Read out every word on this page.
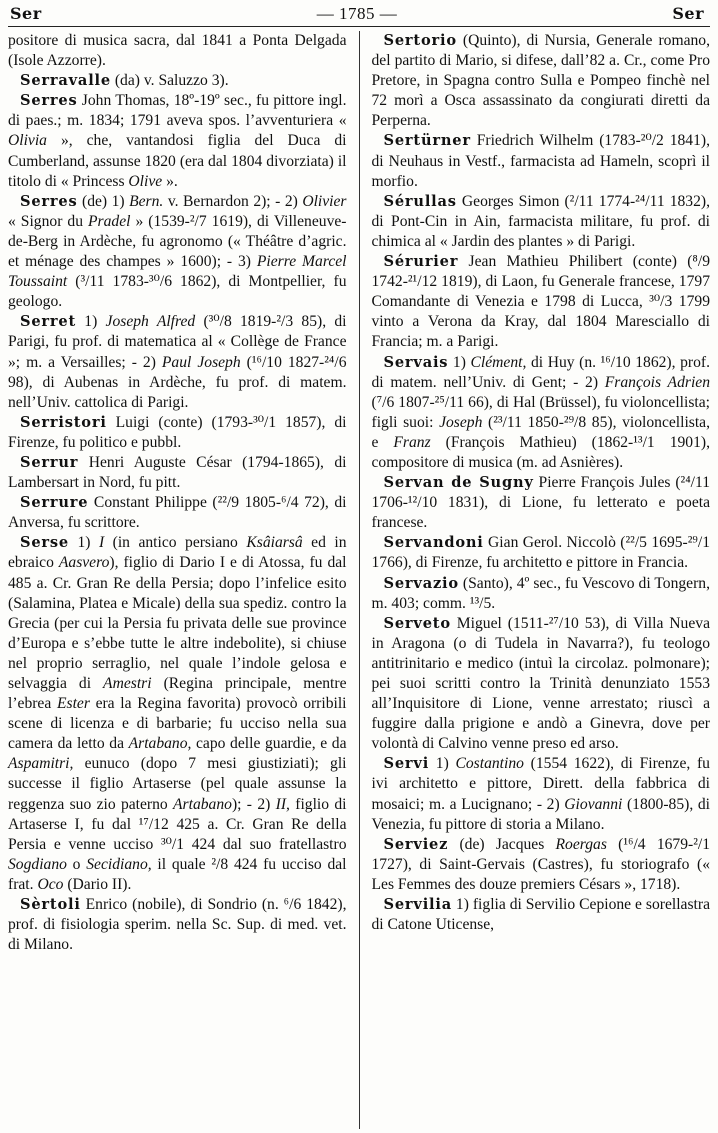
Ser	— 1785 —	Ser

positore di musica sacra, dal 1841 a Ponta Delgada (Isole Azzorre).

Serravalle (da) v. Saluzzo 3).

Serres John Thomas, 18º-19º sec., fu pittore ingl. di paes.; m. 1834; 1791 aveva spos. l’avventuriera « Olivia », che, vantandosi figlia del Duca di Cumberland, assunse 1820 (era dal 1804 divorziata) il titolo di « Princess Olive ».

Serres (de) 1) Bern. v. Bernardon 2); - 2) Olivier « Signor du Pradel » (1539-²/7 1619), di Villeneuve-de-Berg in Ardèche, fu agronomo (« Théâtre d’agric. et ménage des champes » 1600); - 3) Pierre Marcel Toussaint (³/11 1783-³⁰/6 1862), di Montpellier, fu geologo.

Serret 1) Joseph Alfred (³⁰/8 1819-²/3 85), di Parigi, fu prof. di matematica al « Collège de France »; m. a Versailles; - 2) Paul Joseph (¹⁶/10 1827-²⁴/6 98), di Aubenas in Ardèche, fu prof. di matem. nell’Univ. cattolica di Parigi.

Serristori Luigi (conte) (1793-³⁰/1 1857), di Firenze, fu politico e pubbl.

Serrur Henri Auguste César (1794-1865), di Lambersart in Nord, fu pitt.

Serrure Constant Philippe (²²/9 1805-⁶/4 72), di Anversa, fu scrittore.

Serse 1) I (in antico persiano Ksâiarsâ ed in ebraico Aasvero), figlio di Dario I e di Atossa, fu dal 485 a. Cr. Gran Re della Persia; dopo l’infelice esito (Salamina, Platea e Micale) della sua spediz. contro la Grecia (per cui la Persia fu privata delle sue province d’Europa e s’ebbe tutte le altre indebolite), si chiuse nel proprio serraglio, nel quale l’indole gelosa e selvaggia di Amestri (Regina principale, mentre l’ebrea Ester era la Regina favorita) provocò orribili scene di licenza e di barbarie; fu ucciso nella sua camera da letto da Artabano, capo delle guardie, e da Aspamitri, eunuco (dopo 7 mesi giustiziati); gli successe il figlio Artaserse (pel quale assunse la reggenza suo zio paterno Artabano); - 2) II, figlio di Artaserse I, fu dal ¹⁷/12 425 a. Cr. Gran Re della Persia e venne ucciso ³⁰/1 424 dal suo fratellastro Sogdiano o Secidiano, il quale ²/8 424 fu ucciso dal frat. Oco (Dario II).

Sèrtoli Enrico (nobile), di Sondrio (n. ⁶/6 1842), prof. di fisiologia sperim. nella Sc. Sup. di med. vet. di Milano.

Sertorio (Quinto), di Nursia, Generale romano, del partito di Mario, si difese, dall’82 a. Cr., come Pro Pretore, in Spagna contro Sulla e Pompeo finchè nel 72 morì a Osca assassinato da congiurati diretti da Perperna.

Sertürner Friedrich Wilhelm (1783-²⁰/2 1841), di Neuhaus in Vestf., farmacista ad Hameln, scoprì il morfio.

Sérullas Georges Simon (²/11 1774-²⁴/11 1832), di Pont-Cin in Ain, farmacista militare, fu prof. di chimica al « Jardin des plantes » di Parigi.

Sérurier Jean Mathieu Philibert (conte) (⁸/9 1742-²¹/12 1819), di Laon, fu Generale francese, 1797 Comandante di Venezia e 1798 di Lucca, ³⁰/3 1799 vinto a Verona da Kray, dal 1804 Maresciallo di Francia; m. a Parigi.

Servais 1) Clément, di Huy (n. ¹⁶/10 1862), prof. di matem. nell’Univ. di Gent; - 2) François Adrien (⁷/6 1807-²⁵/11 66), di Hal (Brüssel), fu violoncellista; figli suoi: Joseph (²³/11 1850-²⁹/8 85), violoncellista, e Franz (François Mathieu) (1862-¹³/1 1901), compositore di musica (m. ad Asnières).

Servan de Sugny Pierre François Jules (²⁴/11 1706-¹²/10 1831), di Lione, fu letterato e poeta francese.

Servandoni Gian Gerol. Niccolò (²²/5 1695-²⁹/1 1766), di Firenze, fu architetto e pittore in Francia.

Servazio (Santo), 4º sec., fu Vescovo di Tongern, m. 403; comm. ¹³/5.

Serveto Miguel (1511-²⁷/10 53), di Villa Nueva in Aragona (o di Tudela in Navarra?), fu teologo antitrinitario e medico (intuì la circolaz. polmonare); pei suoi scritti contro la Trinità denunziato 1553 all’Inquisitore di Lione, venne arrestato; riuscì a fuggire dalla prigione e andò a Ginevra, dove per volontà di Calvino venne preso ed arso.

Servi 1) Costantino (1554 1622), di Firenze, fu ivi architetto e pittore, Dirett. della fabbrica di mosaici; m. a Lucignano; - 2) Giovanni (1800-85), di Venezia, fu pittore di storia a Milano.

Serviez (de) Jacques Roergas (¹⁶/4 1679-²/1 1727), di Saint-Gervais (Castres), fu storiografo (« Les Femmes des douze premiers Césars », 1718).

Servilia 1) figlia di Servilio Cepione e sorellastra di Catone Uticense,
